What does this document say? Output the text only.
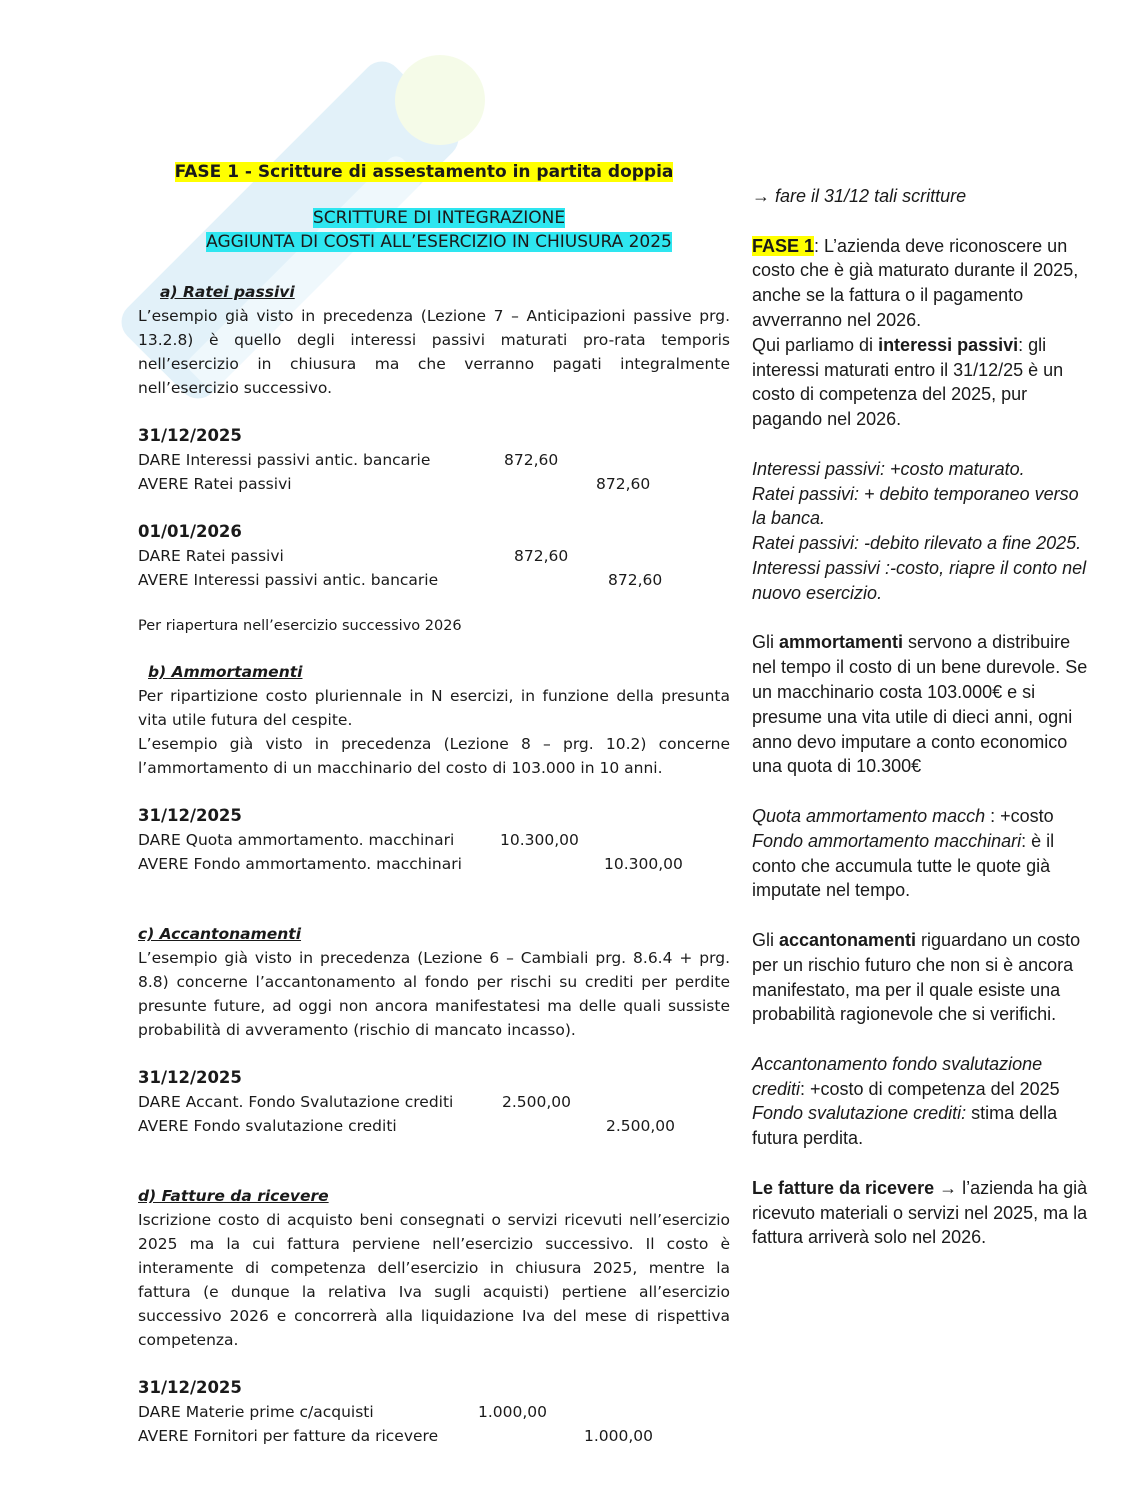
FASE 1 - Scritture di assestamento in partita doppia
SCRITTURE DI INTEGRAZIONE
AGGIUNTA DI COSTI ALL’ESERCIZIO IN CHIUSURA 2025
a) Ratei passivi
L’esempio già visto in precedenza (Lezione 7 – Anticipazioni passive prg. 13.2.8) è quello degli interessi passivi maturati pro-rata temporis nell’esercizio in chiusura ma che verranno pagati integralmente nell’esercizio successivo.
31/12/2025
DARE Interessi passivi antic. bancarie	872,60
AVERE Ratei passivi	872,60
01/01/2026
DARE Ratei passivi	872,60
AVERE Interessi passivi antic. bancarie	872,60
Per riapertura nell’esercizio successivo 2026
b) Ammortamenti
Per ripartizione costo pluriennale in N esercizi, in funzione della presunta vita utile futura del cespite.
L’esempio già visto in precedenza (Lezione 8 – prg. 10.2) concerne l’ammortamento di un macchinario del costo di 103.000 in 10 anni.
31/12/2025
DARE Quota ammortamento. macchinari	10.300,00
AVERE Fondo ammortamento. macchinari	10.300,00
c) Accantonamenti
L’esempio già visto in precedenza (Lezione 6 – Cambiali prg. 8.6.4 + prg. 8.8) concerne l’accantonamento al fondo per rischi su crediti per perdite presunte future, ad oggi non ancora manifestatesi ma delle quali sussiste probabilità di avveramento (rischio di mancato incasso).
31/12/2025
DARE Accant. Fondo Svalutazione crediti	2.500,00
AVERE Fondo svalutazione crediti	2.500,00
d) Fatture da ricevere
Iscrizione costo di acquisto beni consegnati o servizi ricevuti nell’esercizio 2025 ma la cui fattura perviene nell’esercizio successivo. Il costo è interamente di competenza dell’esercizio in chiusura 2025, mentre la fattura (e dunque la relativa Iva sugli acquisti) pertiene all’esercizio successivo 2026 e concorrerà alla liquidazione Iva del mese di rispettiva competenza.
31/12/2025
DARE Materie prime c/acquisti	1.000,00
AVERE Fornitori per fatture da ricevere	1.000,00

→ fare il 31/12 tali scritture

FASE 1: L’azienda deve riconoscere un costo che è già maturato durante il 2025, anche se la fattura o il pagamento avverranno nel 2026.

Qui parliamo di interessi passivi: gli interessi maturati entro il 31/12/25 è un costo di competenza del 2025, pur pagando nel 2026.

Interessi passivi: +costo maturato.

Ratei passivi: + debito temporaneo verso la banca.

Ratei passivi: -debito rilevato a fine 2025.

Interessi passivi :-costo, riapre il conto nel nuovo esercizio.

Gli ammortamenti servono a distribuire nel tempo il costo di un bene durevole. Se un macchinario costa 103.000€ e si presume una vita utile di dieci anni, ogni anno devo imputare a conto economico una quota di 10.300€

Quota ammortamento macch : +costo

Fondo ammortamento macchinari: è il conto che accumula tutte le quote già imputate nel tempo.

Gli accantonamenti riguardano un costo per un rischio futuro che non si è ancora manifestato, ma per il quale esiste una probabilità ragionevole che si verifichi.

Accantonamento fondo svalutazione crediti: +costo di competenza del 2025

Fondo svalutazione crediti: stima della futura perdita.

Le fatture da ricevere → l’azienda ha già ricevuto materiali o servizi nel 2025, ma la fattura arriverà solo nel 2026.
